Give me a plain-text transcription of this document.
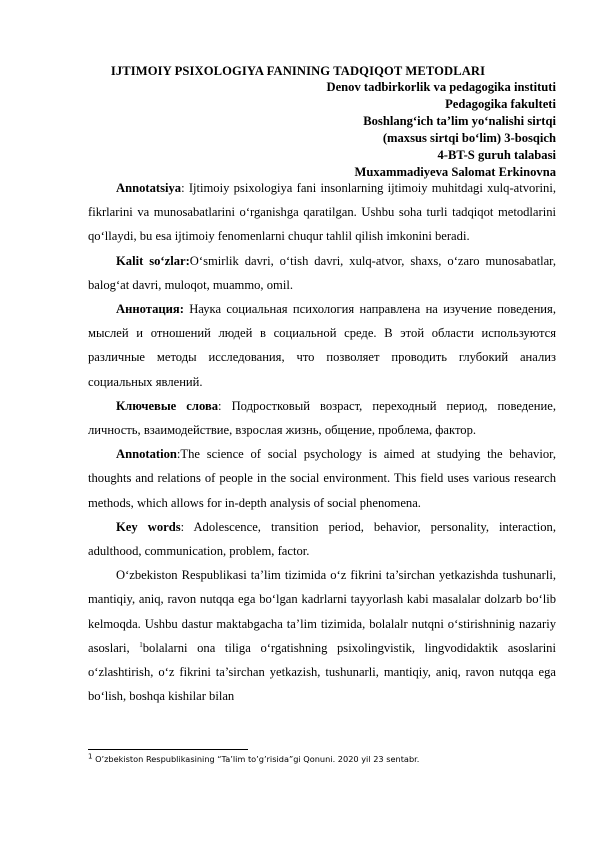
IJTIMOIY PSIXOLOGIYA FANINING TADQIQOT METODLARI
Denov tadbirkorlik va pedagogika instituti
Pedagogika fakulteti
Boshlang‘ich ta’lim yo‘nalishi sirtqi
(maxsus sirtqi bo‘lim) 3-bosqich
4-BT-S guruh talabasi
Muxammadiyeva Salomat Erkinovna

Annotatsiya: Ijtimoiy psixologiya fani insonlarning ijtimoiy muhitdagi xulq-atvorini, fikrlarini va munosabatlarini o‘rganishga qaratilgan. Ushbu soha turli tadqiqot metodlarini qo‘llaydi, bu esa ijtimoiy fenomenlarni chuqur tahlil qilish imkonini beradi.

Kalit so‘zlar:O‘smirlik davri, o‘tish davri, xulq-atvor, shaxs, o‘zaro munosabatlar, balog‘at davri, muloqot, muammo, omil.

Аннотация: Наука социальная психология направлена на изучение поведения, мыслей и отношений людей в социальной среде. В этой области используются различные методы исследования, что позволяет проводить глубокий анализ социальных явлений.

Ключевые слова: Подростковый возраст, переходный период, поведение, личность, взаимодействие, взрослая жизнь, общение, проблема, фактор.

Annotation:The science of social psychology is aimed at studying the behavior, thoughts and relations of people in the social environment. This field uses various research methods, which allows for in-depth analysis of social phenomena.

Key words: Adolescence, transition period, behavior, personality, interaction, adulthood, communication, problem, factor.

O‘zbekiston Respublikasi ta’lim tizimida o‘z fikrini ta’sirchan yetkazishda tushunarli, mantiqiy, aniq, ravon nutqqa ega bo‘lgan kadrlarni tayyorlash kabi masalalar dolzarb bo‘lib kelmoqda. Ushbu dastur maktabgacha ta’lim tizimida, bolalalr nutqni o‘stirishninig nazariy asoslari, $^1$bolalarni ona tiliga o‘rgatishning psixolingvistik, lingvodidaktik asoslarini o‘zlashtirish, o‘z fikrini ta’sirchan yetkazish, tushunarli, mantiqiy, aniq, ravon nutqqa ega bo‘lish, boshqa kishilar bilan

$^1$ O’zbekiston Respublikasining “Ta’lim to’g’risida”gi Qonuni. 2020 yil 23 sentabr.
